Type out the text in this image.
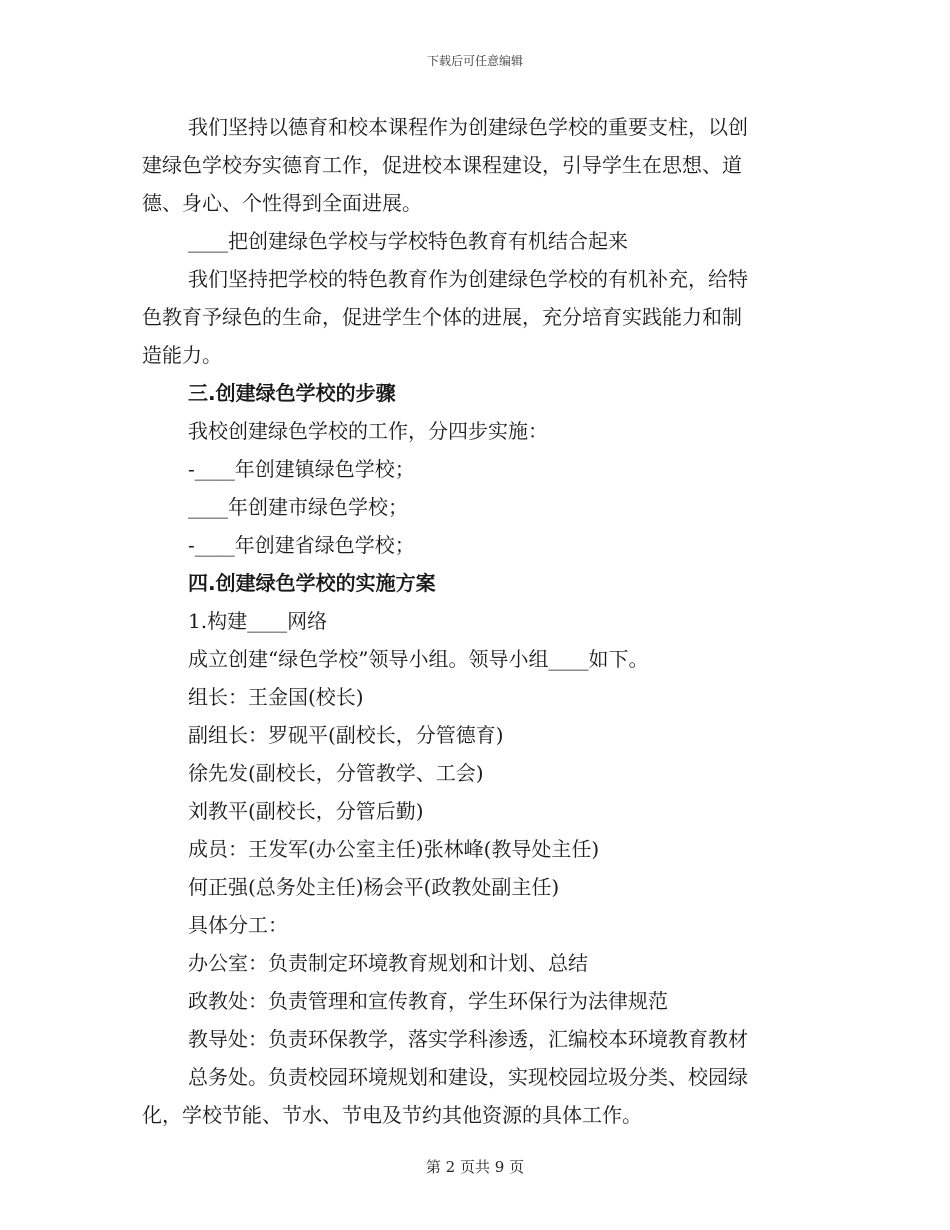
下载后可任意编辑
我们坚持以德育和校本课程作为创建绿色学校的重要支柱，以创
建绿色学校夯实德育工作，促进校本课程建设，引导学生在思想、道
德、身心、个性得到全面进展。
____把创建绿色学校与学校特色教育有机结合起来
我们坚持把学校的特色教育作为创建绿色学校的有机补充，给特
色教育予绿色的生命，促进学生个体的进展，充分培育实践能力和制
造能力。
三.创建绿色学校的步骤
我校创建绿色学校的工作，分四步实施：
-____年创建镇绿色学校；
____年创建市绿色学校；
-____年创建省绿色学校；
四.创建绿色学校的实施方案
1.构建____网络
成立创建“绿色学校”领导小组。领导小组____如下。
组长：王金国(校长)
副组长：罗砚平(副校长，分管德育)
徐先发(副校长，分管教学、工会)
刘教平(副校长，分管后勤)
成员：王发军(办公室主任)张林峰(教导处主任)
何正强(总务处主任)杨会平(政教处副主任)
具体分工：
办公室：负责制定环境教育规划和计划、总结
政教处：负责管理和宣传教育，学生环保行为法律规范
教导处：负责环保教学，落实学科渗透，汇编校本环境教育教材
总务处。负责校园环境规划和建设，实现校园垃圾分类、校园绿
化，学校节能、节水、节电及节约其他资源的具体工作。
第 2 页共 9 页
